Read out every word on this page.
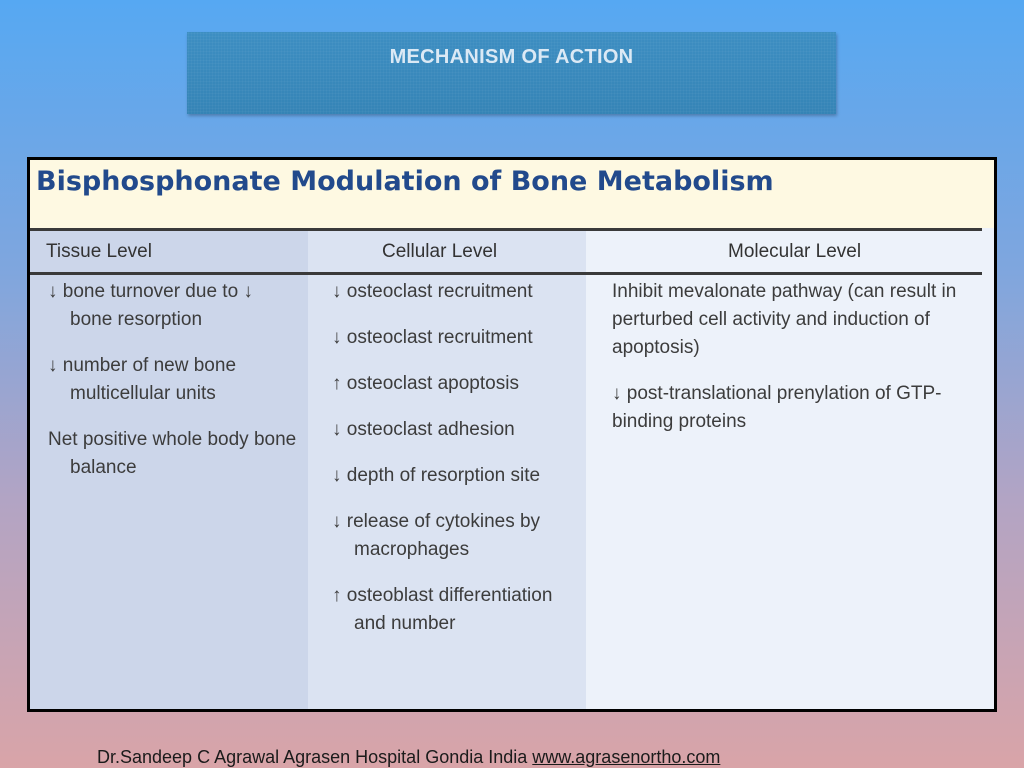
MECHANISM OF ACTION
Bisphosphonate Modulation of Bone Metabolism
Tissue Level	Cellular Level	Molecular Level
↓ bone turnover due to ↓ bone resorption
↓ number of new bone multicellular units
Net positive whole body bone balance
↓ osteoclast recruitment
↓ osteoclast recruitment
↑ osteoclast apoptosis
↓ osteoclast adhesion
↓ depth of resorption site
↓ release of cytokines by macrophages
↑ osteoblast differentiation and number
Inhibit mevalonate pathway (can result in perturbed cell activity and induction of apoptosis)
↓ post-translational prenylation of GTP-binding proteins
Dr.Sandeep C Agrawal Agrasen Hospital Gondia India www.agrasenortho.com
